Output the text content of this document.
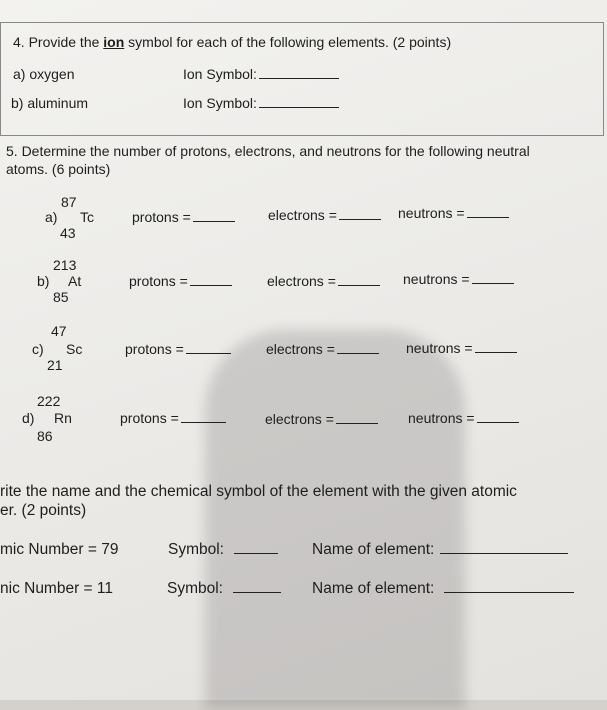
4. Provide the ion symbol for each of the following elements. (2 points)
a) oxygen	Ion Symbol:
b) aluminum	Ion Symbol:
5. Determine the number of protons, electrons, and neutrons for the following neutral
atoms. (6 points)
87
a) Tc
43
protons =	electrons =	neutrons =
213
b) At
85
protons =	electrons =	neutrons =
47
c) Sc
21
protons =	electrons =	neutrons =
222
d) Rn
86
protons =	electrons =	neutrons =
rite the name and the chemical symbol of the element with the given atomic
er. (2 points)
mic Number = 79	Symbol:	Name of element:
nic Number = 11	Symbol:	Name of element:
